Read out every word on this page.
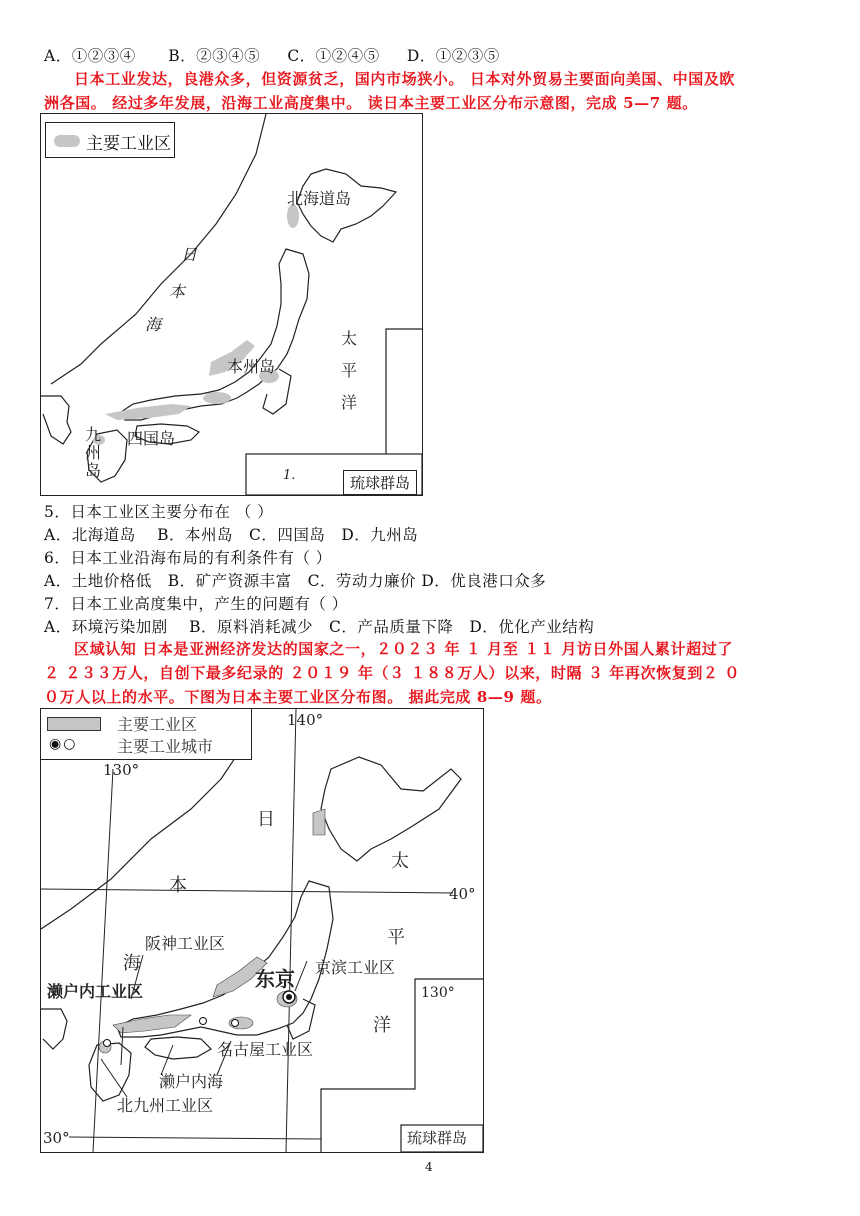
A．①②③④ B．②③④⑤ C．①②④⑤ D．①②③⑤
日本工业发达，良港众多，但资源贫乏，国内市场狭小。 日本对外贸易主要面向美国、中国及欧
洲各国。 经过多年发展，沿海工业高度集中。 读日本主要工业区分布示意图，完成 5—7 题。
主要工业区
北海道岛
本州岛
四国岛
九
州
岛
日
本
海
太
平
洋
1.	琉球群岛
5．日本工业区主要分布在 （ ）
A．北海道岛　 B．本州岛　C．四国岛　D．九州岛
6．日本工业沿海布局的有利条件有（ ）
A．土地价格低　B．矿产资源丰富　C．劳动力廉价 D．优良港口众多
7．日本工业高度集中，产生的问题有（ ）
A．环境污染加剧　 B．原料消耗减少　C．产品质量下降　D．优化产业结构
区域认知 日本是亚洲经济发达的国家之一，２０２３ 年 １ 月至 １１ 月访日外国人累计超过了
２ ２３３万人，自创下最多纪录的 ２０１９ 年（３ １８８万人）以来，时隔 ３ 年再次恢复到２ ０
０万人以上的水平。下图为日本主要工业区分布图。 据此完成 8—9 题。
◉○
主要工业区
主要工业城市
140°
130°
40°
30°
130°
日
本
海
太
平
洋
阪神工业区
京滨工业区
东京
濑户内工业区
名古屋工业区
濑户内海
北九州工业区
琉球群岛
4
